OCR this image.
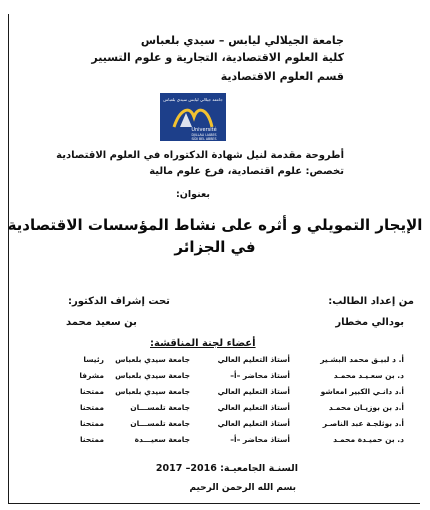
جامعة الجيلالي ليابس – سيدي بلعباس
كلية العلوم الاقتصادية، التجارية و علوم التسيير
قسم العلوم الاقتصادية
جامعة جيلالي ليابس سيدي بلعباس
Université
DJILLALI LIABES
SIDI BEL ABBES
أطروحة مقدمة لنيل شهادة الدكتوراه في العلوم الاقتصادية
تخصص: علوم اقتصادية، فرع علوم مالية
بعنوان:
الإيجار التمويلي و أثره على نشاط المؤسسات الاقتصادية
في الجزائر
من إعداد الطالب:
بودالي مخطار
تحت إشراف الدكتور:
بن سعيد محمد
أعضاء لجنة المناقشة:
أ. د لبيـق محمد البشـير
أستاذ التعليم العالي
جامعة سيدي بلعباس
رئيسا
د. بن سعـيـد محمـد
أستاذ محاضر –أ–
جامعة سيدي بلعباس
مشرفا
أ.د دانـي الكبير امعاشو
أستاذ التعليم العالي
جامعة سيدي بلعباس
ممتحنا
أ.د بن بوزيـان محمـد
أستاذ التعليم العالي
جامعة تلمســـان
ممتحنا
أ.د بوثلجـة عبد الناصـر
أستاذ التعليم العالي
جامعة تلمســـان
ممتحنا
د. بن حميـدة محمـد
أستاذ محاضر –أ–
جامعة سعيـــدة
ممتحنا
السنـة الجامعيـة: 2016– 2017
بسم الله الرحمن الرحيم
